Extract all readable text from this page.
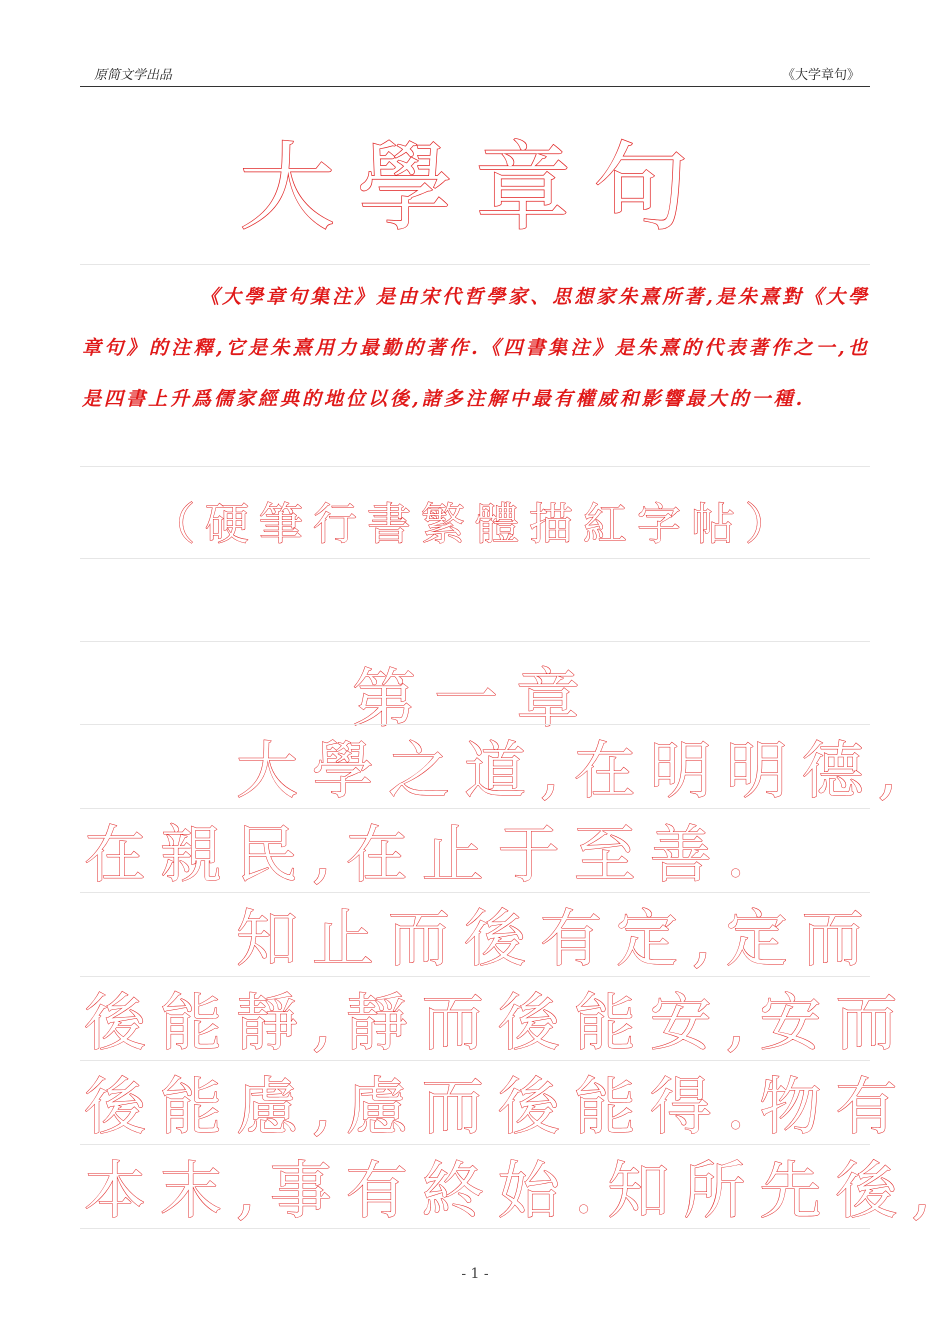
原简文学出品	《大学章句》
大學章句
《大學章句集注》是由宋代哲學家、思想家朱熹所著,是朱熹對《大學章句》的注釋,它是朱熹用力最勤的著作.《四書集注》是朱熹的代表著作之一,也是四書上升爲儒家經典的地位以後,諸多注解中最有權威和影響最大的一種.
（硬筆行書繁體描紅字帖）
第一章
　　大學之道,在明明德,
在親民,在止于至善.
　　知止而後有定,定而
後能靜,靜而後能安,安而
後能慮,慮而後能得.物有
本末,事有終始.知所先後,
- 1 -
